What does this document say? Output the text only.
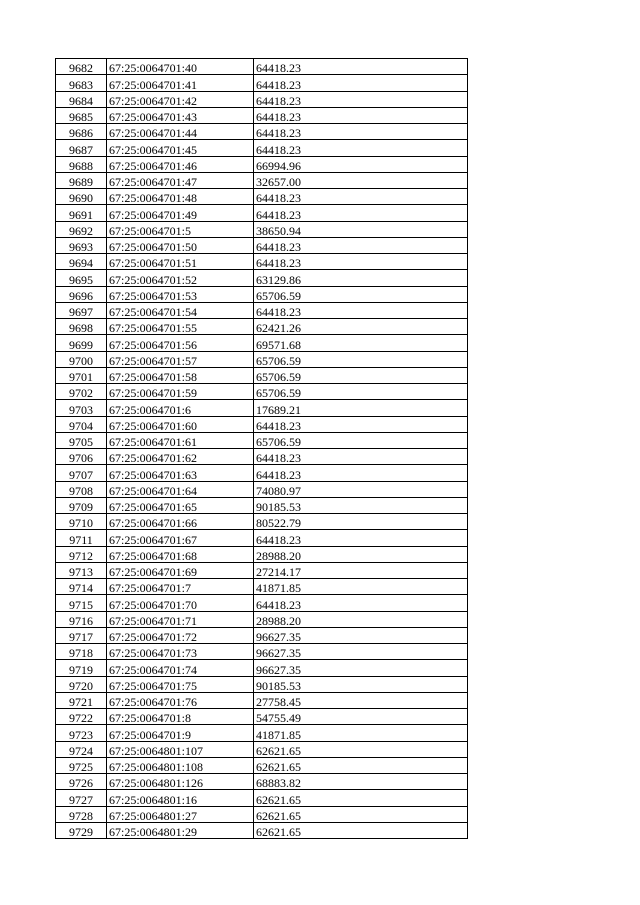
9682	67:25:0064701:40	64418.23
9683	67:25:0064701:41	64418.23
9684	67:25:0064701:42	64418.23
9685	67:25:0064701:43	64418.23
9686	67:25:0064701:44	64418.23
9687	67:25:0064701:45	64418.23
9688	67:25:0064701:46	66994.96
9689	67:25:0064701:47	32657.00
9690	67:25:0064701:48	64418.23
9691	67:25:0064701:49	64418.23
9692	67:25:0064701:5	38650.94
9693	67:25:0064701:50	64418.23
9694	67:25:0064701:51	64418.23
9695	67:25:0064701:52	63129.86
9696	67:25:0064701:53	65706.59
9697	67:25:0064701:54	64418.23
9698	67:25:0064701:55	62421.26
9699	67:25:0064701:56	69571.68
9700	67:25:0064701:57	65706.59
9701	67:25:0064701:58	65706.59
9702	67:25:0064701:59	65706.59
9703	67:25:0064701:6	17689.21
9704	67:25:0064701:60	64418.23
9705	67:25:0064701:61	65706.59
9706	67:25:0064701:62	64418.23
9707	67:25:0064701:63	64418.23
9708	67:25:0064701:64	74080.97
9709	67:25:0064701:65	90185.53
9710	67:25:0064701:66	80522.79
9711	67:25:0064701:67	64418.23
9712	67:25:0064701:68	28988.20
9713	67:25:0064701:69	27214.17
9714	67:25:0064701:7	41871.85
9715	67:25:0064701:70	64418.23
9716	67:25:0064701:71	28988.20
9717	67:25:0064701:72	96627.35
9718	67:25:0064701:73	96627.35
9719	67:25:0064701:74	96627.35
9720	67:25:0064701:75	90185.53
9721	67:25:0064701:76	27758.45
9722	67:25:0064701:8	54755.49
9723	67:25:0064701:9	41871.85
9724	67:25:0064801:107	62621.65
9725	67:25:0064801:108	62621.65
9726	67:25:0064801:126	68883.82
9727	67:25:0064801:16	62621.65
9728	67:25:0064801:27	62621.65
9729	67:25:0064801:29	62621.65
